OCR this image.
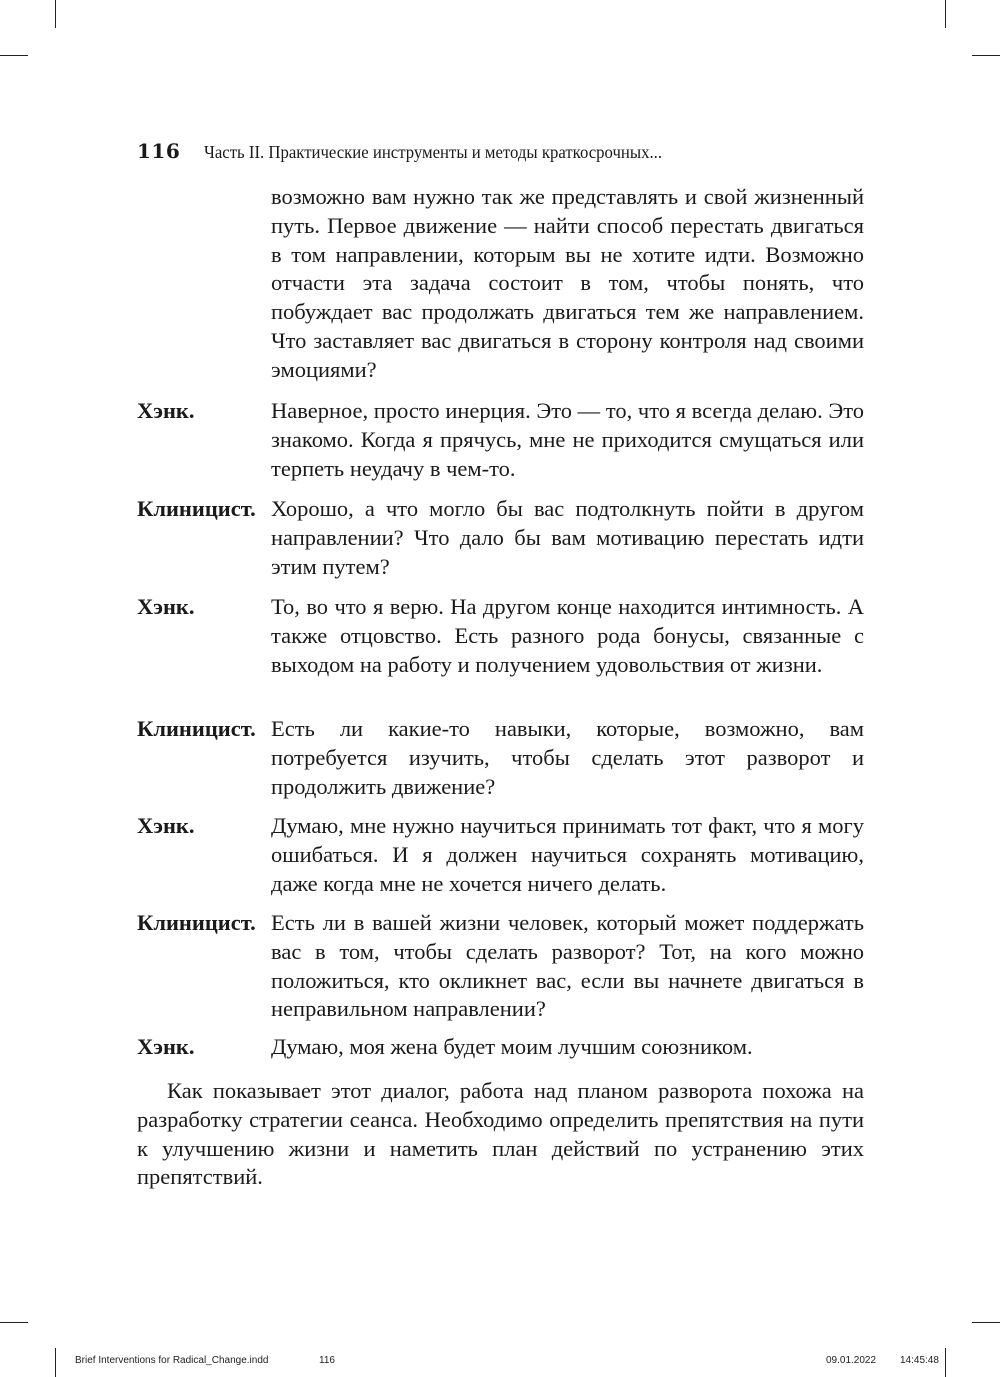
116 Часть II. Практические инструменты и методы краткосрочных...
возможно вам нужно так же представлять и свой жизненный путь. Первое движение — найти способ перестать двигаться в том направлении, которым вы не хотите идти. Возможно отчасти эта задача состоит в том, чтобы понять, что побуждает вас продолжать двигаться тем же направлением. Что заставляет вас двигаться в сторону контроля над своими эмоциями?
Хэнк.	Наверное, просто инерция. Это — то, что я всегда делаю. Это знакомо. Когда я прячусь, мне не приходится смущаться или терпеть неудачу в чем-то.
Клиницист. Хорошо, а что могло бы вас подтолкнуть пойти в другом направлении? Что дало бы вам мотивацию перестать идти этим путем?
Хэнк.	То, во что я верю. На другом конце находится интимность. А также отцовство. Есть разного рода бонусы, связанные с выходом на работу и получением удовольствия от жизни.
Клиницист. Есть ли какие-то навыки, которые, возможно, вам потребуется изучить, чтобы сделать этот разворот и продолжить движение?
Хэнк.	Думаю, мне нужно научиться принимать тот факт, что я могу ошибаться. И я должен научиться сохранять мотивацию, даже когда мне не хочется ничего делать.
Клиницист. Есть ли в вашей жизни человек, который может поддержать вас в том, чтобы сделать разворот? Тот, на кого можно положиться, кто окликнет вас, если вы начнете двигаться в неправильном направлении?
Хэнк.	Думаю, моя жена будет моим лучшим союзником.
Как показывает этот диалог, работа над планом разворота похожа на разработку стратегии сеанса. Необходимо определить препятствия на пути к улучшению жизни и наметить план действий по устранению этих препятствий.
Brief Interventions for Radical_Change.indd	116	09.01.2022 14:45:48
